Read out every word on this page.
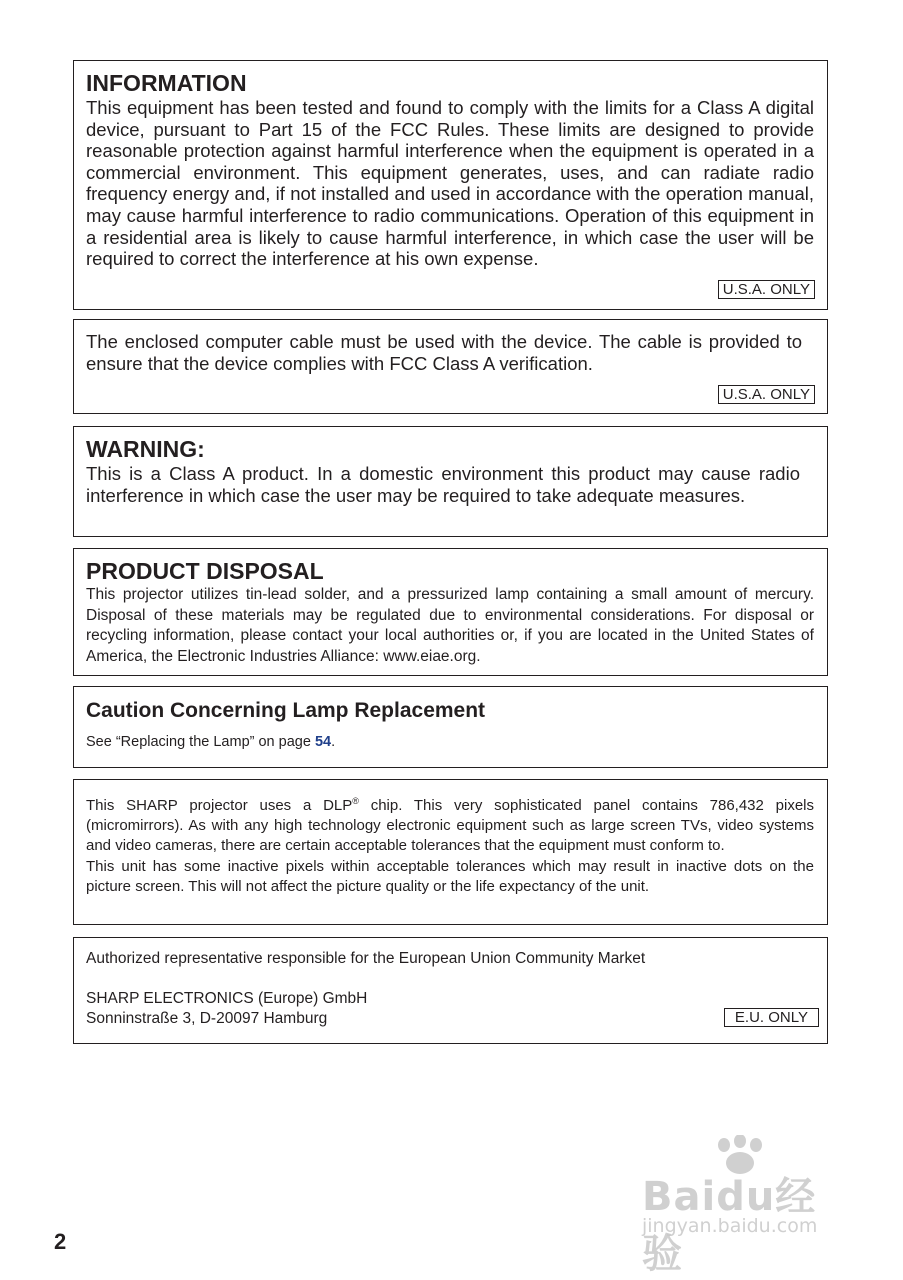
INFORMATION

This equipment has been tested and found to comply with the limits for a Class A digital device, pursuant to Part 15 of the FCC Rules. These limits are designed to provide reasonable protection against harmful interference when the equipment is operated in a commercial environment. This equipment generates, uses, and can radiate radio frequency energy and, if not installed and used in accordance with the operation manual, may cause harmful interference to radio communications. Operation of this equipment in a residential area is likely to cause harmful interference, in which case the user will be required to correct the interference at his own expense.

U.S.A. ONLY

The enclosed computer cable must be used with the device. The cable is provided to ensure that the device complies with FCC Class A verification.

U.S.A. ONLY
WARNING:

This is a Class A product. In a domestic environment this product may cause radio interference in which case the user may be required to take adequate measures.

PRODUCT DISPOSAL

This projector utilizes tin-lead solder, and a pressurized lamp containing a small amount of mercury. Disposal of these materials may be regulated due to environmental considerations. For disposal or recycling information, please contact your local authorities or, if you are located in the United States of America, the Electronic Industries Alliance: www.eiae.org.

Caution Concerning Lamp Replacement

See “Replacing the Lamp” on page 54.

This SHARP projector uses a DLP® chip. This very sophisticated panel contains 786,432 pixels (micromirrors). As with any high technology electronic equipment such as large screen TVs, video systems and video cameras, there are certain acceptable tolerances that the equipment must conform to.

This unit has some inactive pixels within acceptable tolerances which may result in inactive dots on the picture screen. This will not affect the picture quality or the life expectancy of the unit.

Authorized representative responsible for the European Union Community Market

SHARP ELECTRONICS (Europe) GmbH

Sonninstraße 3, D-20097 Hamburg	E.U. ONLY
2
Baidu经验
jingyan.baidu.com
